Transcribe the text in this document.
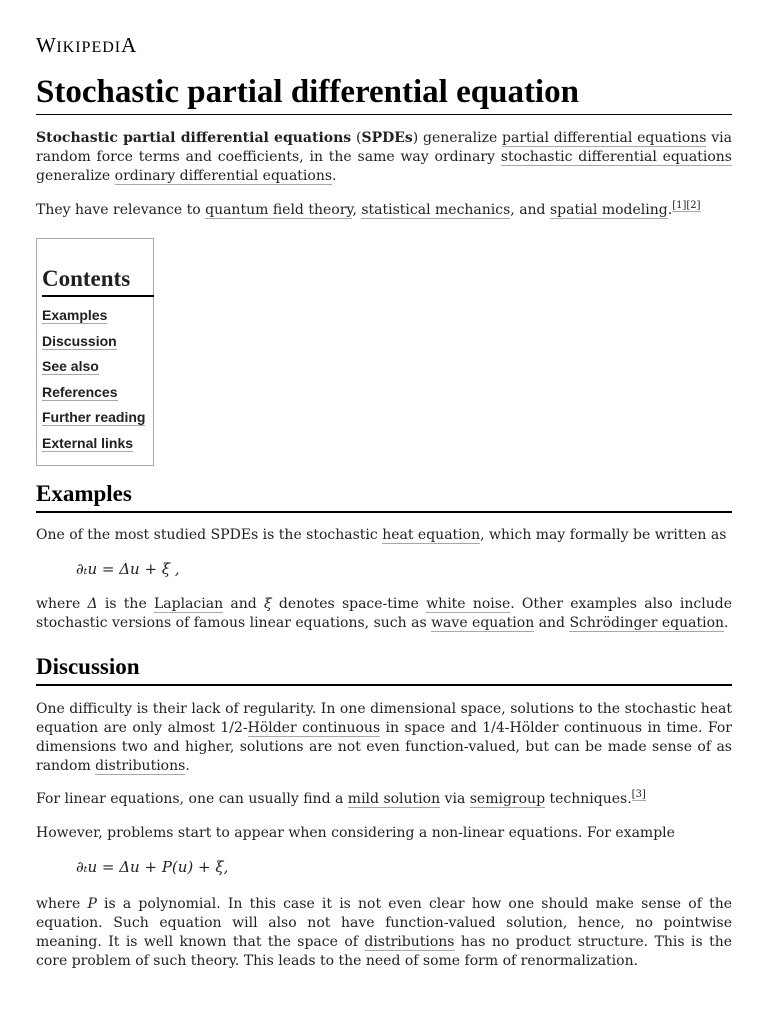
WIKIPEDIA
Stochastic partial differential equation

Stochastic partial differential equations (SPDEs) generalize partial differential equations via random force terms and coefficients, in the same way ordinary stochastic differential equations generalize ordinary differential equations.

They have relevance to quantum field theory, statistical mechanics, and spatial modeling.[1][2]

Contents
Examples
Discussion
See also
References
Further reading
External links
Examples

One of the most studied SPDEs is the stochastic heat equation, which may formally be written as

∂ₜu = Δu + ξ ,

where Δ is the Laplacian and ξ denotes space-time white noise. Other examples also include stochastic versions of famous linear equations, such as wave equation and Schrödinger equation.

Discussion

One difficulty is their lack of regularity. In one dimensional space, solutions to the stochastic heat equation are only almost 1/2-Hölder continuous in space and 1/4-Hölder continuous in time. For dimensions two and higher, solutions are not even function-valued, but can be made sense of as random distributions.

For linear equations, one can usually find a mild solution via semigroup techniques.[3]

However, problems start to appear when considering a non-linear equations. For example

∂ₜu = Δu + P(u) + ξ,

where P is a polynomial. In this case it is not even clear how one should make sense of the equation. Such equation will also not have function-valued solution, hence, no pointwise meaning. It is well known that the space of distributions has no product structure. This is the core problem of such theory. This leads to the need of some form of renormalization.
